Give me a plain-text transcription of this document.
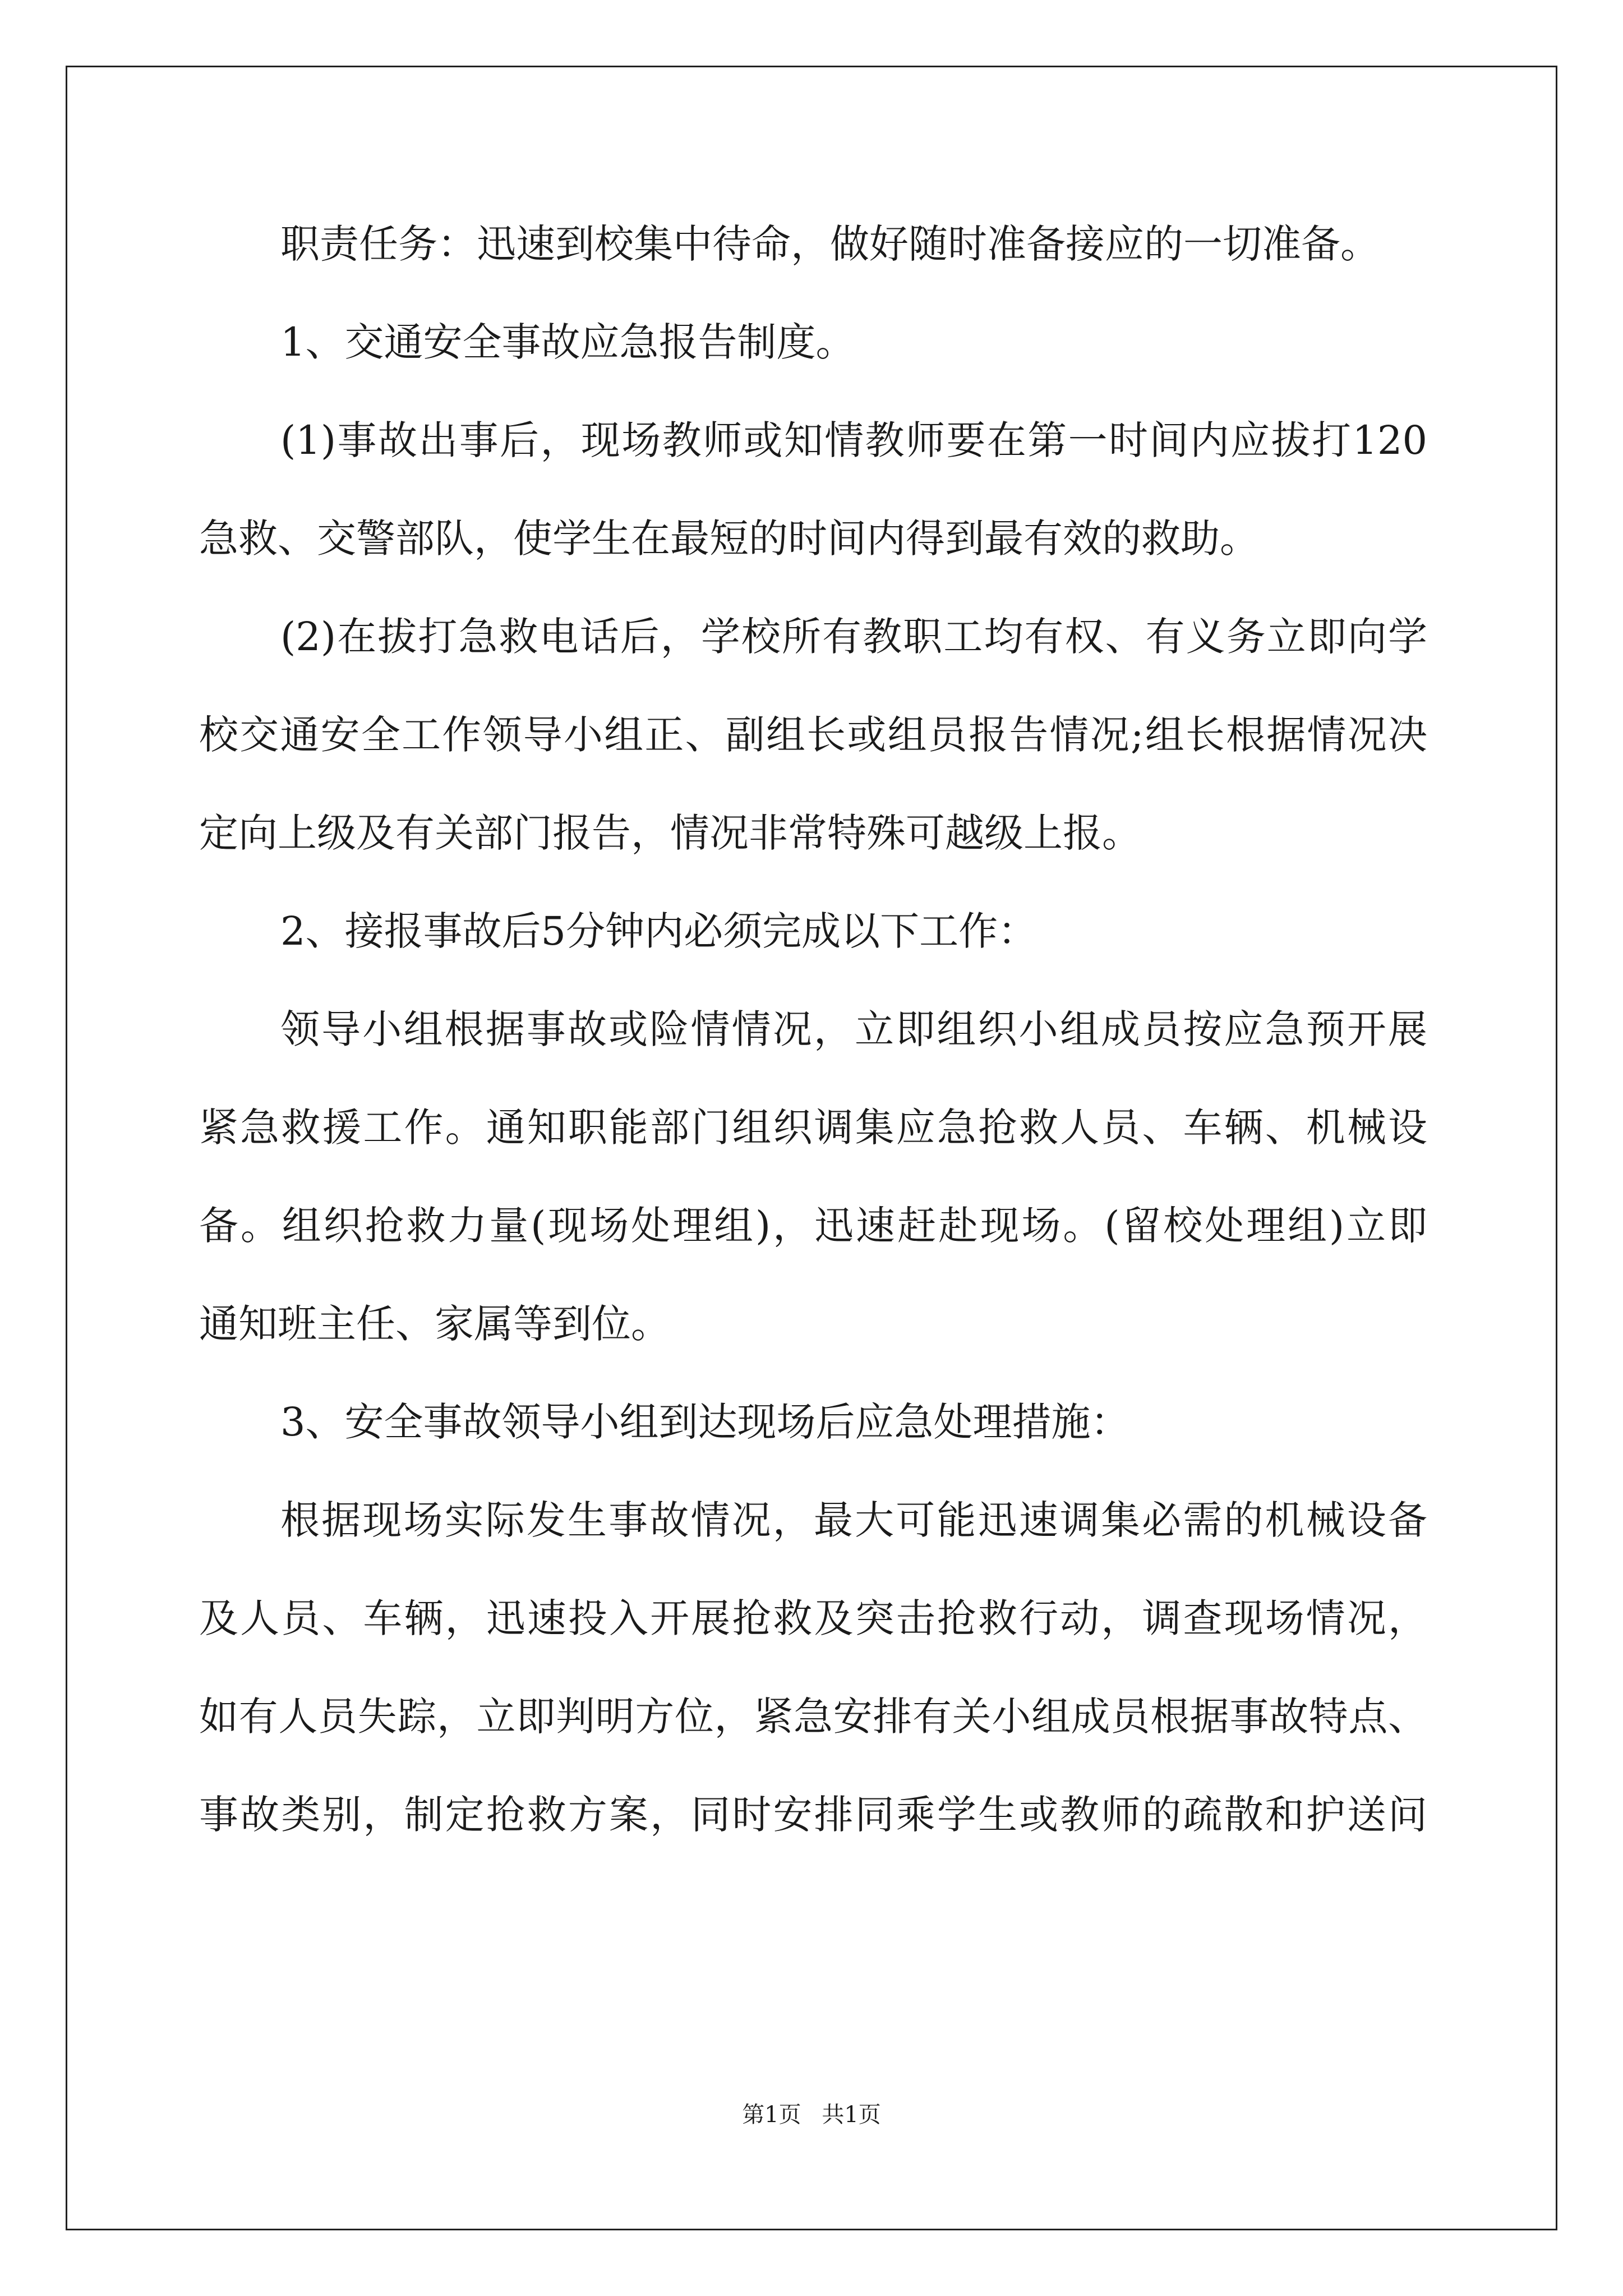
职责任务：迅速到校集中待命，做好随时准备接应的一切准备。
1、交通安全事故应急报告制度。
(1)事故出事后，现场教师或知情教师要在第一时间内应拔打120
急救、交警部队，使学生在最短的时间内得到最有效的救助。
(2)在拔打急救电话后，学校所有教职工均有权、有义务立即向学
校交通安全工作领导小组正、副组长或组员报告情况;组长根据情况决
定向上级及有关部门报告，情况非常特殊可越级上报。
2、接报事故后5分钟内必须完成以下工作：
领导小组根据事故或险情情况，立即组织小组成员按应急预开展
紧急救援工作。通知职能部门组织调集应急抢救人员、车辆、机械设
备。组织抢救力量(现场处理组)，迅速赶赴现场。(留校处理组)立即
通知班主任、家属等到位。
3、安全事故领导小组到达现场后应急处理措施：
根据现场实际发生事故情况，最大可能迅速调集必需的机械设备
及人员、车辆，迅速投入开展抢救及突击抢救行动，调查现场情况，
如有人员失踪，立即判明方位，紧急安排有关小组成员根据事故特点、
事故类别，制定抢救方案，同时安排同乘学生或教师的疏散和护送问
第1页 共1页
